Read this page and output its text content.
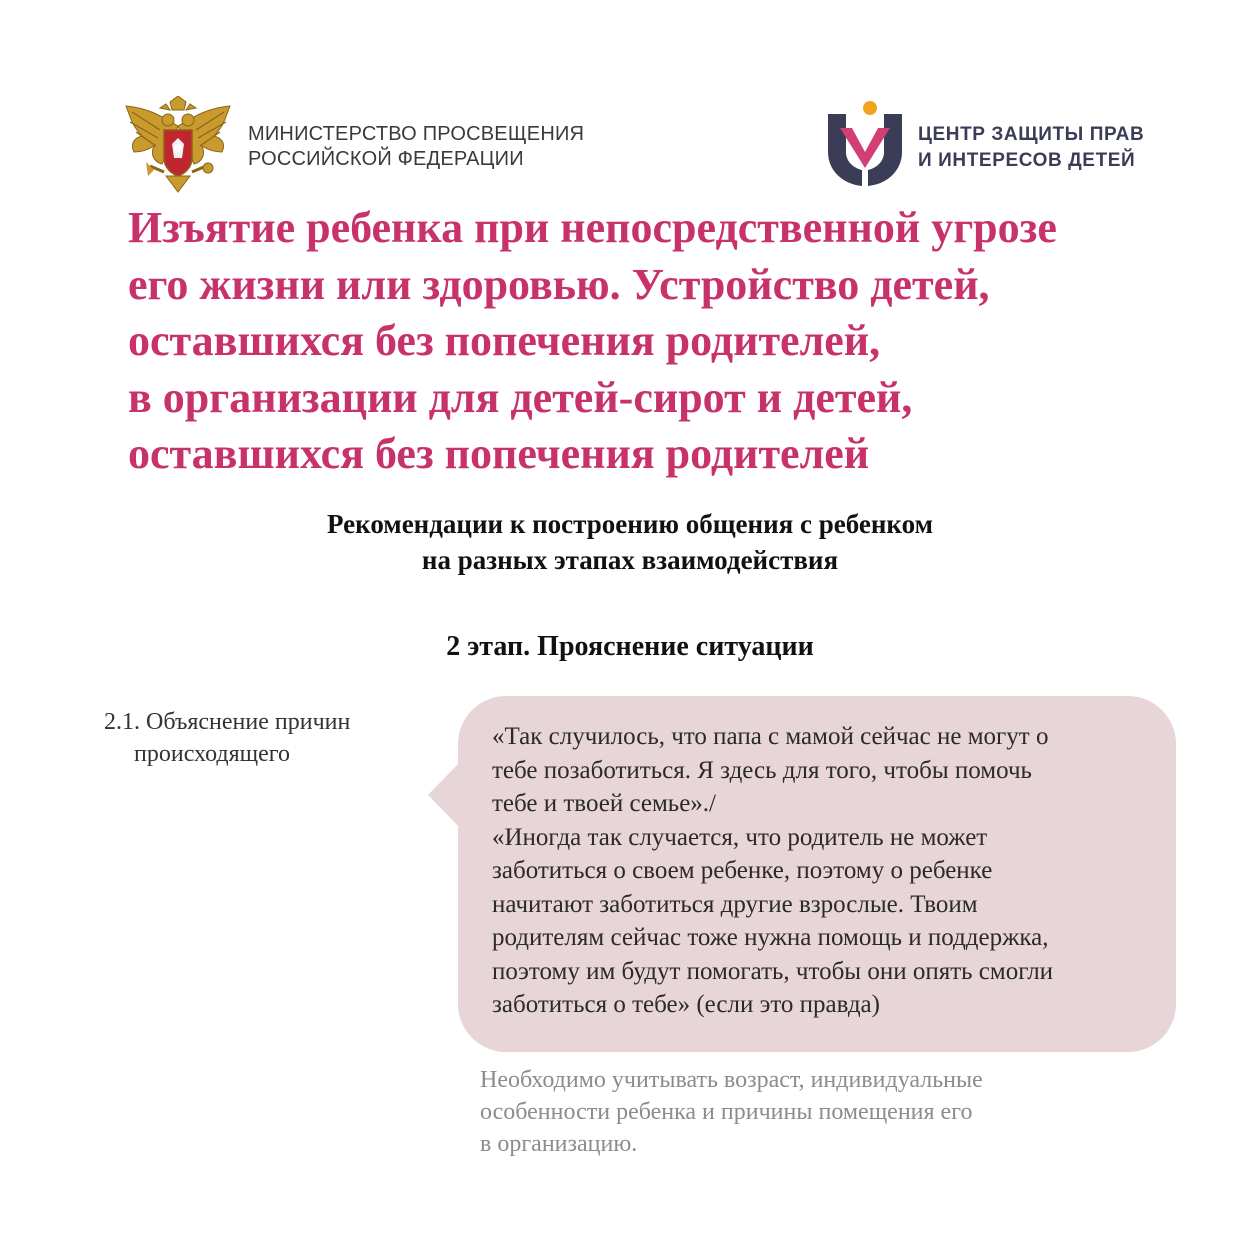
МИНИСТЕРСТВО ПРОСВЕЩЕНИЯ
РОССИЙСКОЙ ФЕДЕРАЦИИ
ЦЕНТР ЗАЩИТЫ ПРАВ
И ИНТЕРЕСОВ ДЕТЕЙ
Изъятие ребенка при непосредственной угрозе
его жизни или здоровью. Устройство детей,
оставшихся без попечения родителей,
в организации для детей-сирот и детей,
оставшихся без попечения родителей
Рекомендации к построению общения с ребенком
на разных этапах взаимодействия
2 этап. Прояснение ситуации
2.1. Объяснение причин
происходящего
«Так случилось, что папа с мамой сейчас не могут о
тебе позаботиться. Я здесь для того, чтобы помочь
тебе и твоей семье»./
«Иногда так случается, что родитель не может
заботиться о своем ребенке, поэтому о ребенке
начитают заботиться другие взрослые. Твоим
родителям сейчас тоже нужна помощь и поддержка,
поэтому им будут помогать, чтобы они опять смогли
заботиться о тебе» (если это правда)
Необходимо учитывать возраст, индивидуальные
особенности ребенка и причины помещения его
в организацию.
